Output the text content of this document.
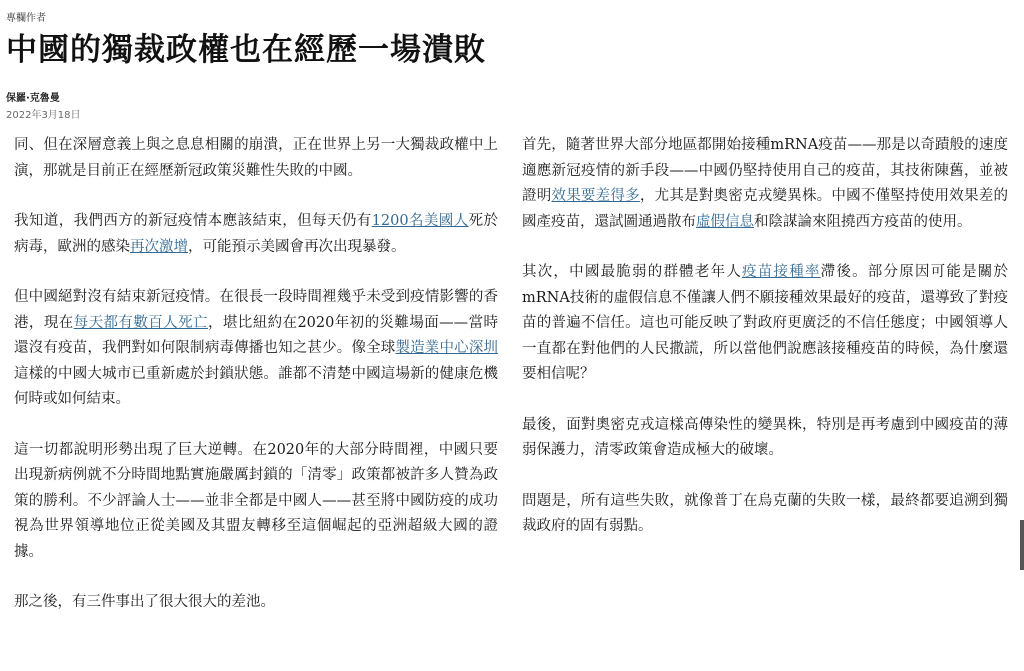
專欄作者
中國的獨裁政權也在經歷一場潰敗
保羅·克魯曼
2022年3月18日

同、但在深層意義上與之息息相關的崩潰，正在世界上另一大獨裁政權中上演，那就是目前正在經歷新冠政策災難性失敗的中國。

我知道，我們西方的新冠疫情本應該結束，但每天仍有1200名美國人死於病毒，歐洲的感染再次激增，可能預示美國會再次出現暴發。

但中國絕對沒有結束新冠疫情。在很長一段時間裡幾乎未受到疫情影響的香港，現在每天都有數百人死亡，堪比紐約在2020年初的災難場面——當時還沒有疫苗，我們對如何限制病毒傳播也知之甚少。像全球製造業中心深圳這樣的中國大城市已重新處於封鎖狀態。誰都不清楚中國這場新的健康危機何時或如何結束。

這一切都說明形勢出現了巨大逆轉。在2020年的大部分時間裡，中國只要出現新病例就不分時間地點實施嚴厲封鎖的「清零」政策都被許多人贊為政策的勝利。不少評論人士——並非全都是中國人——甚至將中國防疫的成功視為世界領導地位正從美國及其盟友轉移至這個崛起的亞洲超級大國的證據。

那之後，有三件事出了很大很大的差池。

首先，隨著世界大部分地區都開始接種mRNA疫苗——那是以奇蹟般的速度適應新冠疫情的新手段——中國仍堅持使用自己的疫苗，其技術陳舊，並被證明效果要差得多，尤其是對奧密克戎變異株。中國不僅堅持使用效果差的國產疫苗，還試圖通過散布虛假信息和陰謀論來阻撓西方疫苗的使用。

其次，中國最脆弱的群體老年人疫苗接種率滯後。部分原因可能是關於mRNA技術的虛假信息不僅讓人們不願接種效果最好的疫苗，還導致了對疫苗的普遍不信任。這也可能反映了對政府更廣泛的不信任態度；中國領導人一直都在對他們的人民撒謊，所以當他們說應該接種疫苗的時候，為什麼還要相信呢？

最後，面對奧密克戎這樣高傳染性的變異株，特別是再考慮到中國疫苗的薄弱保護力，清零政策會造成極大的破壞。

問題是，所有這些失敗，就像普丁在烏克蘭的失敗一樣，最終都要追溯到獨裁政府的固有弱點。
